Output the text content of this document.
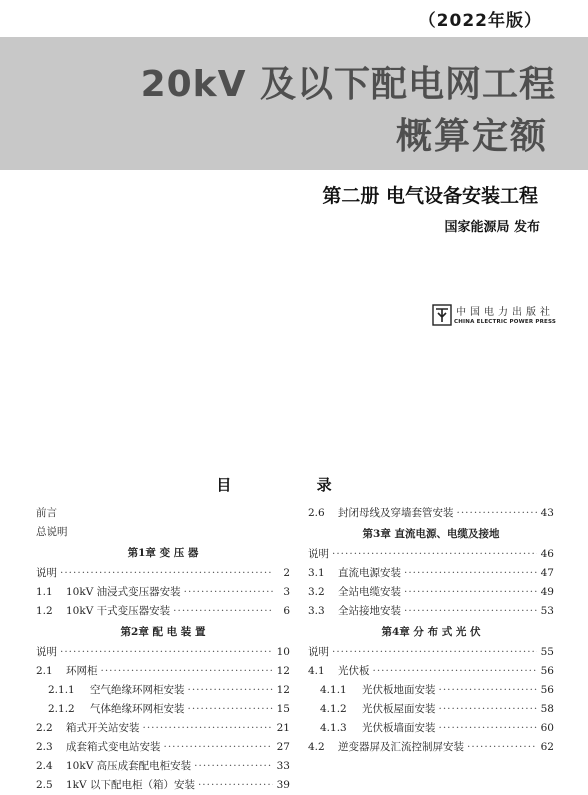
（2022年版）
20kV 及以下配电网工程
概算定额
第二册 电气设备安装工程
国家能源局 发布
中国电力出版社
CHINA ELECTRIC POWER PRESS
目 录
前言
总说明
第1章 变 压 器
说明 ·····	2
1.1	10kV 油浸式变压器安装 ·····	3
1.2	10kV 干式变压器安装 ·····	6
第2章 配 电 装 置
说明 ·····	10
2.1	环网柜 ·····	12
2.1.1	空气绝缘环网柜安装 ·····	12
2.1.2	气体绝缘环网柜安装 ·····	15
2.2	箱式开关站安装 ·····	21
2.3	成套箱式变电站安装 ·····	27
2.4	10kV 高压成套配电柜安装 ·····	33
2.5	1kV 以下配电柜（箱）安装 ·····	39
2.6	封闭母线及穿墙套管安装 ·····	43
第3章 直流电源、电缆及接地
说明 ·····	46
3.1	直流电源安装 ·····	47
3.2	全站电缆安装 ·····	49
3.3	全站接地安装 ·····	53
第4章 分 布 式 光 伏
说明 ·····	55
4.1	光伏板 ·····	56
4.1.1	光伏板地面安装 ·····	56
4.1.2	光伏板屋面安装 ·····	58
4.1.3	光伏板墙面安装 ·····	60
4.2	逆变器屏及汇流控制屏安装 ·····	62
